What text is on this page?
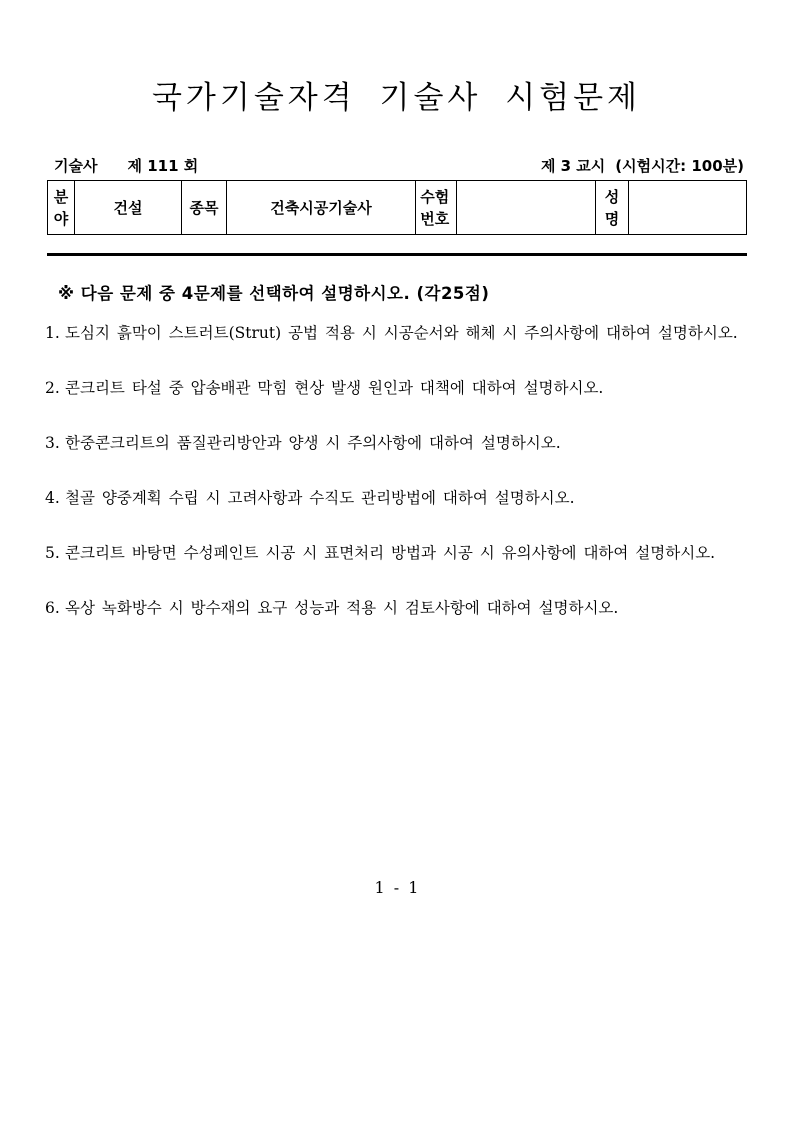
국가기술자격 기술사 시험문제
기술사 제 111 회	제 3 교시 (시험시간: 100분)
분야	건설	종목	건축시공기술사	수험번호		성명	

※ 다음 문제 중 4문제를 선택하여 설명하시오. (각25점)

1. 도심지 흙막이 스트러트(Strut) 공법 적용 시 시공순서와 해체 시 주의사항에 대하여 설명하시오.
2. 콘크리트 타설 중 압송배관 막힘 현상 발생 원인과 대책에 대하여 설명하시오.
3. 한중콘크리트의 품질관리방안과 양생 시 주의사항에 대하여 설명하시오.
4. 철골 양중계획 수립 시 고려사항과 수직도 관리방법에 대하여 설명하시오.
5. 콘크리트 바탕면 수성페인트 시공 시 표면처리 방법과 시공 시 유의사항에 대하여 설명하시오.
6. 옥상 녹화방수 시 방수재의 요구 성능과 적용 시 검토사항에 대하여 설명하시오.
1 - 1
